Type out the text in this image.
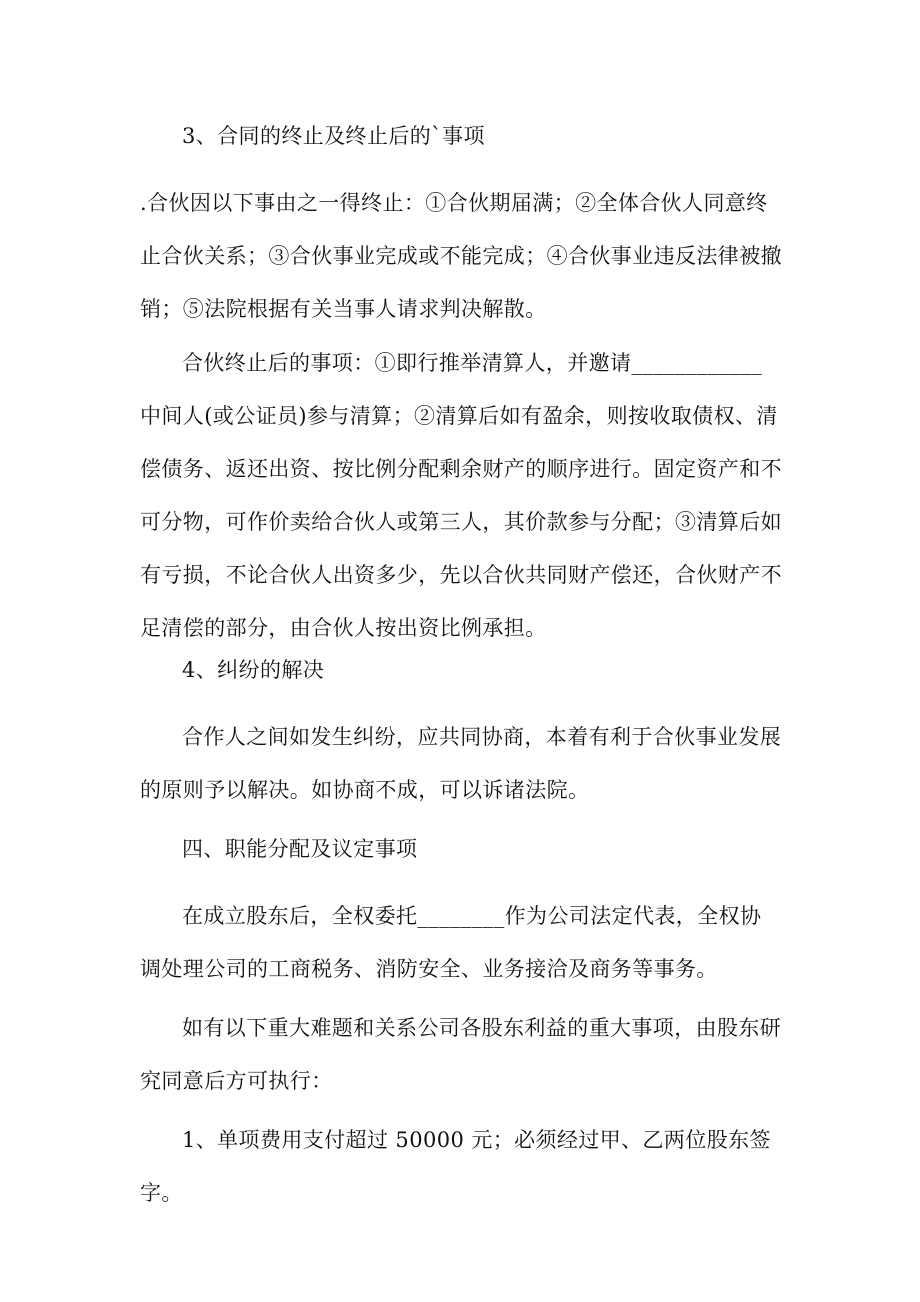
3、合同的终止及终止后的`事项

.合伙因以下事由之一得终止：①合伙期届满；②全体合伙人同意终止合伙关系；③合伙事业完成或不能完成；④合伙事业违反法律被撤销；⑤法院根据有关当事人请求判决解散。

合伙终止后的事项：①即行推举清算人，并邀请____________中间人(或公证员)参与清算；②清算后如有盈余，则按收取债权、清偿债务、返还出资、按比例分配剩余财产的顺序进行。固定资产和不可分物，可作价卖给合伙人或第三人，其价款参与分配；③清算后如有亏损，不论合伙人出资多少，先以合伙共同财产偿还，合伙财产不足清偿的部分，由合伙人按出资比例承担。

4、纠纷的解决

合作人之间如发生纠纷，应共同协商，本着有利于合伙事业发展的原则予以解决。如协商不成，可以诉诸法院。

四、职能分配及议定事项

在成立股东后，全权委托________作为公司法定代表，全权协调处理公司的工商税务、消防安全、业务接洽及商务等事务。

如有以下重大难题和关系公司各股东利益的重大事项，由股东研究同意后方可执行：

1、单项费用支付超过 50000 元；必须经过甲、乙两位股东签字。
